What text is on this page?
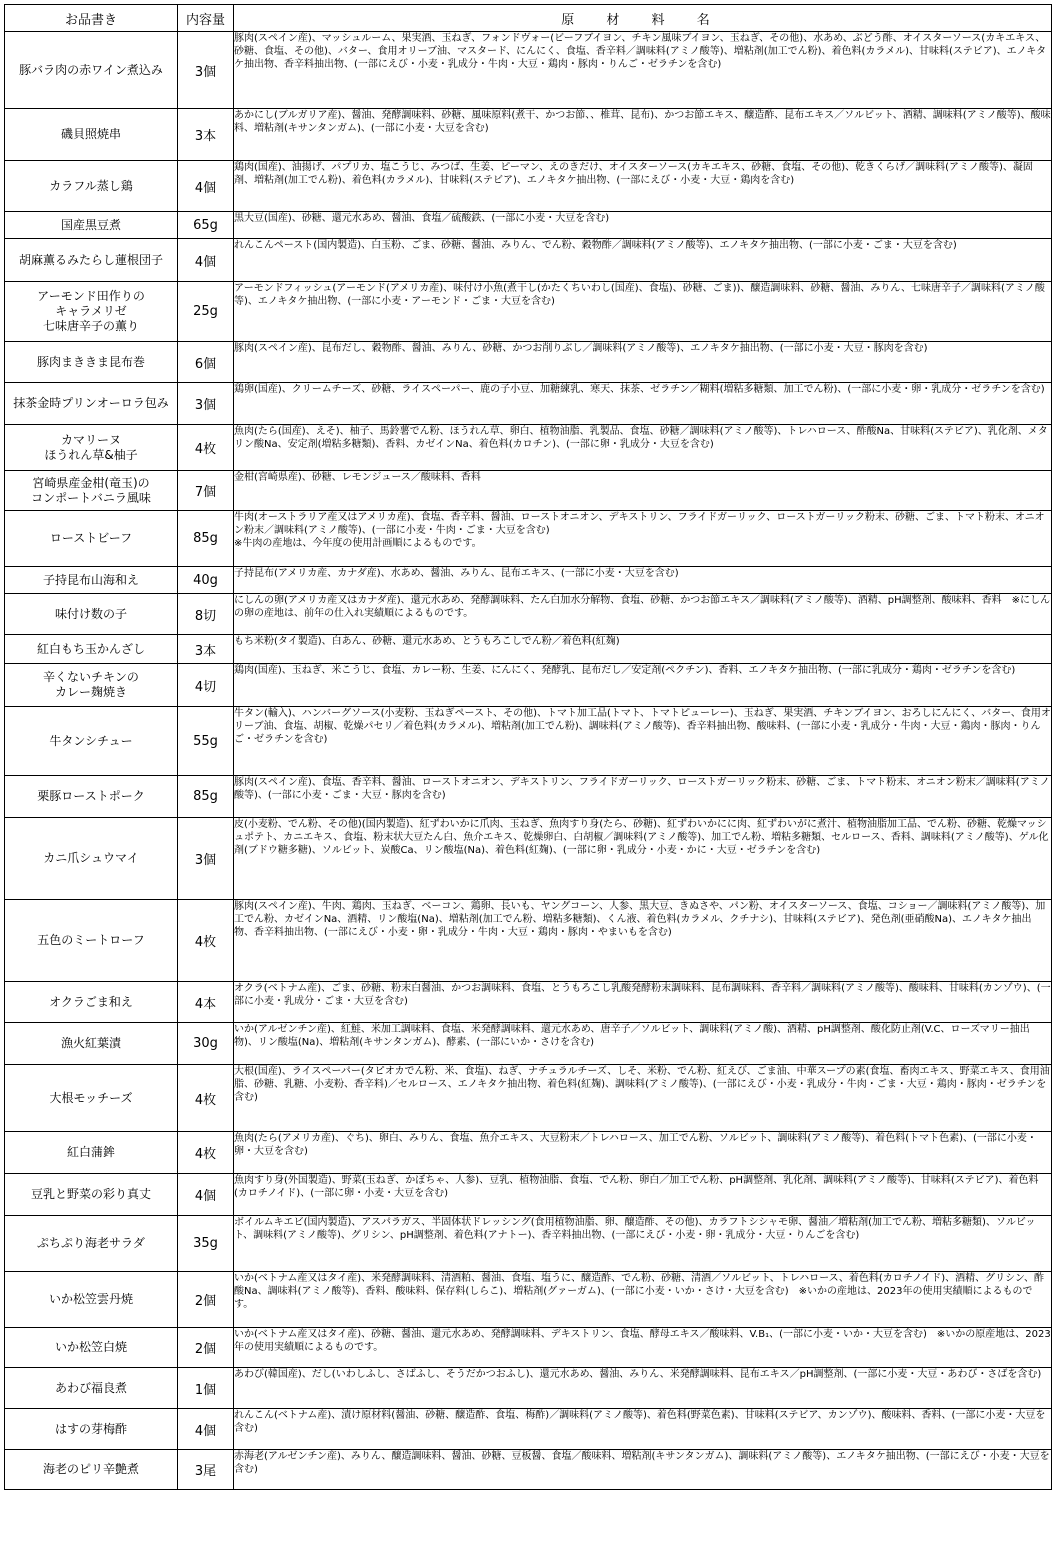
お品書き	内容量	原 材 料 名
豚バラ肉の赤ワイン煮込み	3個	豚肉(スペイン産)、マッシュルーム、果実酒、玉ねぎ、フォンドヴォー(ビーフブイヨン、チキン風味ブイヨン、玉ねぎ、その他)、水あめ、ぶどう酢、オイスターソース(カキエキス、砂糖、食塩、その他)、バター、食用オリーブ油、マスタード、にんにく、食塩、香辛料／調味料(アミノ酸等)、増粘剤(加工でん粉)、着色料(カラメル)、甘味料(ステビア)、エノキタケ抽出物、香辛料抽出物、(一部にえび・小麦・乳成分・牛肉・大豆・鶏肉・豚肉・りんご・ゼラチンを含む)
磯貝照焼串	3本	あかにし(ブルガリア産)、醤油、発酵調味料、砂糖、風味原料(煮干、かつお節、、椎茸、昆布)、かつお節エキス、醸造酢、昆布エキス／ソルビット、酒精、調味料(アミノ酸等)、酸味料、増粘剤(キサンタンガム)、(一部に小麦・大豆を含む)
カラフル蒸し鶏	4個	鶏肉(国産)、油揚げ、パプリカ、塩こうじ、みつば、生姜、ピーマン、えのきだけ、オイスターソース(カキエキス、砂糖、食塩、その他)、乾きくらげ／調味料(アミノ酸等)、凝固剤、増粘剤(加工でん粉)、着色料(カラメル)、甘味料(ステビア)、エノキタケ抽出物、(一部にえび・小麦・大豆・鶏肉を含む)
国産黒豆煮	65g	黒大豆(国産)、砂糖、還元水あめ、醤油、食塩／硫酸鉄、(一部に小麦・大豆を含む)
胡麻薫るみたらし蓮根団子	4個	れんこんペースト(国内製造)、白玉粉、ごま、砂糖、醤油、みりん、でん粉、穀物酢／調味料(アミノ酸等)、エノキタケ抽出物、(一部に小麦・ごま・大豆を含む)
アーモンド田作りの
キャラメリゼ
七味唐辛子の薫り	25g	アーモンドフィッシュ(アーモンド(アメリカ産)、味付け小魚(煮干し(かたくちいわし(国産)、食塩)、砂糖、ごま))、醸造調味料、砂糖、醤油、みりん、七味唐辛子／調味料(アミノ酸等)、エノキタケ抽出物、(一部に小麦・アーモンド・ごま・大豆を含む)
豚肉まききま昆布巻	6個	豚肉(スペイン産)、昆布だし、穀物酢、醤油、みりん、砂糖、かつお削りぶし／調味料(アミノ酸等)、エノキタケ抽出物、(一部に小麦・大豆・豚肉を含む)
抹茶金時プリンオーロラ包み	3個	鶏卵(国産)、クリームチーズ、砂糖、ライスペーパー、鹿の子小豆、加糖練乳、寒天、抹茶、ゼラチン／糊料(増粘多糖類、加工でん粉)、(一部に小麦・卵・乳成分・ゼラチンを含む)
カマリーヌ
ほうれん草&柚子	4枚	魚肉(たら(国産)、えそ)、柚子、馬鈴薯でん粉、ほうれん草、卵白、植物油脂、乳製品、食塩、砂糖／調味料(アミノ酸等)、トレハロース、酢酸Na、甘味料(ステビア)、乳化剤、メタリン酸Na、安定剤(増粘多糖類)、香料、カゼインNa、着色料(カロチン)、(一部に卵・乳成分・大豆を含む)
宮崎県産金柑(竜玉)の
コンポートバニラ風味	7個	金柑(宮崎県産)、砂糖、レモンジュース／酸味料、香料
ローストビーフ	85g	牛肉(オーストラリア産又はアメリカ産)、食塩、香辛料、醤油、ローストオニオン、デキストリン、フライドガーリック、ローストガーリック粉末、砂糖、ごま、トマト粉末、オニオン粉末／調味料(アミノ酸等)、(一部に小麦・牛肉・ごま・大豆を含む)
※牛肉の産地は、今年度の使用計画順によるものです。
子持昆布山海和え	40g	子持昆布(アメリカ産、カナダ産)、水あめ、醤油、みりん、昆布エキス、(一部に小麦・大豆を含む)
味付け数の子	8切	にしんの卵(アメリカ産又はカナダ産)、還元水あめ、発酵調味料、たん白加水分解物、食塩、砂糖、かつお節エキス／調味料(アミノ酸等)、酒精、pH調整剤、酸味料、香料　※にしんの卵の産地は、前年の仕入れ実績順によるものです。
紅白もち玉かんざし	3本	もち米粉(タイ製造)、白あん、砂糖、還元水あめ、とうもろこしでん粉／着色料(紅麹)
辛くないチキンの
カレー麹焼き	4切	鶏肉(国産)、玉ねぎ、米こうじ、食塩、カレー粉、生姜、にんにく、発酵乳、昆布だし／安定剤(ペクチン)、香料、エノキタケ抽出物、(一部に乳成分・鶏肉・ゼラチンを含む)
牛タンシチュー	55g	牛タン(輸入)、ハンバーグソース(小麦粉、玉ねぎペースト、その他)、トマト加工品(トマト、トマトピューレー)、玉ねぎ、果実酒、チキンブイヨン、おろしにんにく、バター、食用オリーブ油、食塩、胡椒、乾燥パセリ／着色料(カラメル)、増粘剤(加工でん粉)、調味料(アミノ酸等)、香辛料抽出物、酸味料、(一部に小麦・乳成分・牛肉・大豆・鶏肉・豚肉・りんご・ゼラチンを含む)
栗豚ローストポーク	85g	豚肉(スペイン産)、食塩、香辛料、醤油、ローストオニオン、デキストリン、フライドガーリック、ローストガーリック粉末、砂糖、ごま、トマト粉末、オニオン粉末／調味料(アミノ酸等)、(一部に小麦・ごま・大豆・豚肉を含む)
カニ爪シュウマイ	3個	皮(小麦粉、でん粉、その他)(国内製造)、紅ずわいかに爪肉、玉ねぎ、魚肉すり身(たら、砂糖)、紅ずわいかにに肉、紅ずわいがに煮汁、植物油脂加工品、でん粉、砂糖、乾燥マッシュポテト、カニエキス、食塩、粉末状大豆たん白、魚介エキス、乾燥卵白、白胡椒／調味料(アミノ酸等)、加工でん粉、増粘多糖類、セルロース、香料、調味料(アミノ酸等)、ゲル化剤(ブドウ糖多糖)、ソルビット、炭酸Ca、リン酸塩(Na)、着色料(紅麹)、(一部に卵・乳成分・小麦・かに・大豆・ゼラチンを含む)
五色のミートローフ	4枚	豚肉(スペイン産)、牛肉、鶏肉、玉ねぎ、ベーコン、鶏卵、長いも、ヤングコーン、人参、黒大豆、きぬさや、パン粉、オイスターソース、食塩、コショー／調味料(アミノ酸等)、加工でん粉、カゼインNa、酒精、リン酸塩(Na)、増粘剤(加工でん粉、増粘多糖類)、くん液、着色料(カラメル、クチナシ)、甘味料(ステビア)、発色剤(亜硝酸Na)、エノキタケ抽出物、香辛料抽出物、(一部にえび・小麦・卵・乳成分・牛肉・大豆・鶏肉・豚肉・やまいもを含む)
オクラごま和え	4本	オクラ(ベトナム産)、ごま、砂糖、粉末白醤油、かつお調味料、食塩、とうもろこし乳酸発酵粉末調味料、昆布調味料、香辛料／調味料(アミノ酸等)、酸味料、甘味料(カンゾウ)、(一部に小麦・乳成分・ごま・大豆を含む)
漁火紅葉漬	30g	いか(アルゼンチン産)、紅鮭、米加工調味料、食塩、米発酵調味料、還元水あめ、唐辛子／ソルビット、調味料(アミノ酸)、酒精、pH調整剤、酸化防止剤(V.C、ローズマリー抽出物)、リン酸塩(Na)、増粘剤(キサンタンガム)、酵素、(一部にいか・さけを含む)
大根モッチーズ	4枚	大根(国産)、ライスペーパー(タピオカでん粉、米、食塩)、ねぎ、ナチュラルチーズ、しそ、米粉、でん粉、紅えび、ごま油、中華スープの素(食塩、畜肉エキス、野菜エキス、食用油脂、砂糖、乳糖、小麦粉、香辛料)／セルロース、エノキタケ抽出物、着色料(紅麹)、調味料(アミノ酸等)、(一部にえび・小麦・乳成分・牛肉・ごま・大豆・鶏肉・豚肉・ゼラチンを含む)
紅白蒲鉾	4枚	魚肉(たら(アメリカ産)、ぐち)、卵白、みりん、食塩、魚介エキス、大豆粉末／トレハロース、加工でん粉、ソルビット、調味料(アミノ酸等)、着色料(トマト色素)、(一部に小麦・卵・大豆を含む)
豆乳と野菜の彩り真丈	4個	魚肉すり身(外国製造)、野菜(玉ねぎ、かぼちゃ、人参)、豆乳、植物油脂、食塩、でん粉、卵白／加工でん粉、pH調整剤、乳化剤、調味料(アミノ酸等)、甘味料(ステビア)、着色料(カロチノイド)、(一部に卵・小麦・大豆を含む)
ぷちぷり海老サラダ	35g	ボイルムキエビ(国内製造)、アスパラガス、半固体状ドレッシング(食用植物油脂、卵、醸造酢、その他)、カラフトシシャモ卵、醤油／増粘剤(加工でん粉、増粘多糖類)、ソルビット、調味料(アミノ酸等)、グリシン、pH調整剤、着色料(アナトー)、香辛料抽出物、(一部にえび・小麦・卵・乳成分・大豆・りんごを含む)
いか松笠雲丹焼	2個	いか(ベトナム産又はタイ産)、米発酵調味料、清酒粕、醤油、食塩、塩うに、醸造酢、でん粉、砂糖、清酒／ソルビット、トレハロース、着色料(カロチノイド)、酒精、グリシン、酢酸Na、調味料(アミノ酸等)、香料、酸味料、保存料(しらこ)、増粘剤(グァーガム)、(一部に小麦・いか・さけ・大豆を含む)　※いかの産地は、2023年の使用実績順によるものです。
いか松笠白焼	2個	いか(ベトナム産又はタイ産)、砂糖、醤油、還元水あめ、発酵調味料、デキストリン、食塩、酵母エキス／酸味料、V.B₁、(一部に小麦・いか・大豆を含む)　※いかの原産地は、2023年の使用実績順によるものです。
あわび福良煮	1個	あわび(韓国産)、だし(いわしふし、さばふし、そうだかつおふし)、還元水あめ、醤油、みりん、米発酵調味料、昆布エキス／pH調整剤、(一部に小麦・大豆・あわび・さばを含む)
はすの芽梅酢	4個	れんこん(ベトナム産)、漬け原材料(醤油、砂糖、醸造酢、食塩、梅酢)／調味料(アミノ酸等)、着色料(野菜色素)、甘味料(ステビア、カンゾウ)、酸味料、香料、(一部に小麦・大豆を含む)
海老のピリ辛艶煮	3尾	赤海老(アルゼンチン産)、みりん、醸造調味料、醤油、砂糖、豆板醤、食塩／酸味料、増粘剤(キサンタンガム)、調味料(アミノ酸等)、エノキタケ抽出物、(一部にえび・小麦・大豆を含む)
